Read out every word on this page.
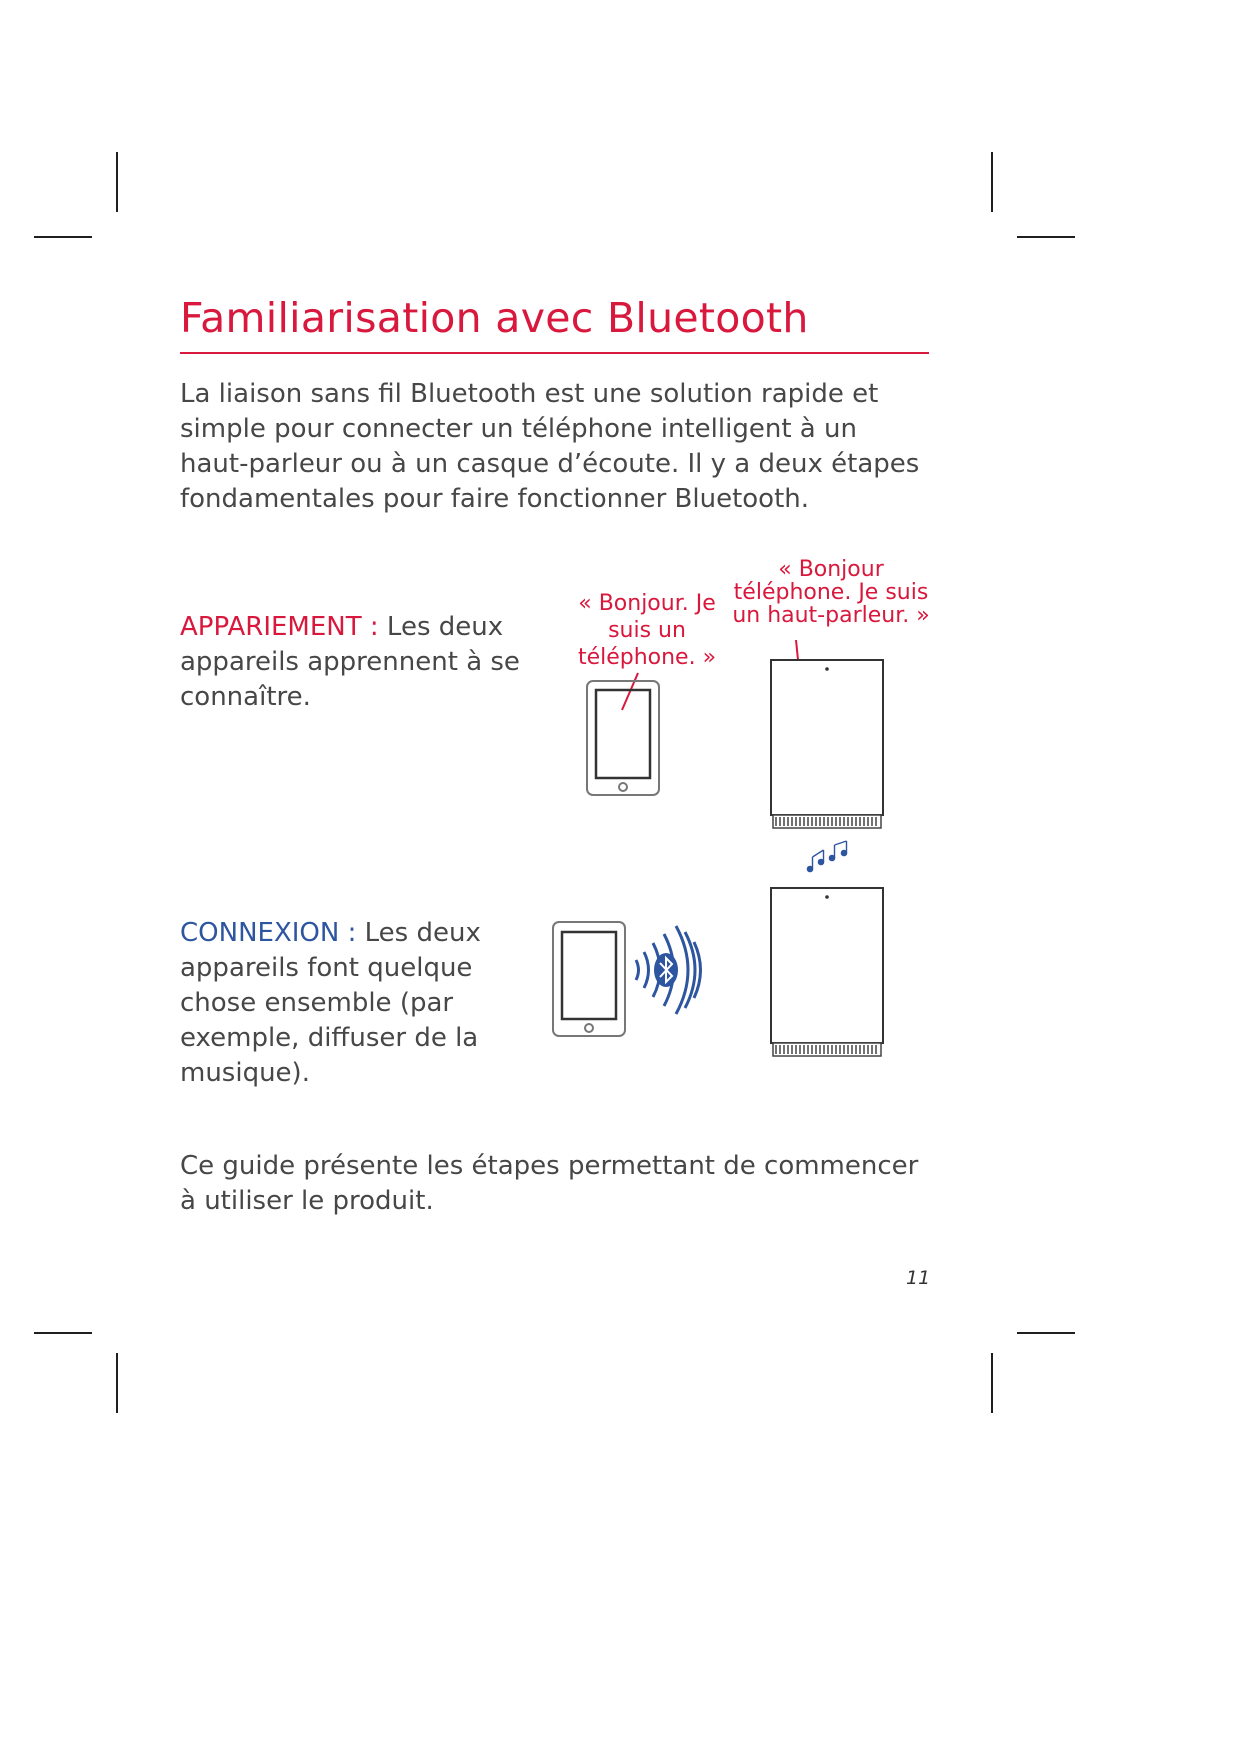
Familiarisation avec Bluetooth

La liaison sans fil Bluetooth est une solution rapide et simple pour connecter un téléphone intelligent à un haut-parleur ou à un casque d’écoute. Il y a deux étapes fondamentales pour faire fonctionner Bluetooth.

APPARIEMENT : Les deux appareils apprennent à se connaître.

« Bonjour. Je suis un téléphone. »

« Bonjour téléphone. Je suis un haut-parleur. »

CONNEXION : Les deux appareils font quelque chose ensemble (par exemple, diffuser de la musique).

Ce guide présente les étapes permettant de commencer à utiliser le produit.

11
